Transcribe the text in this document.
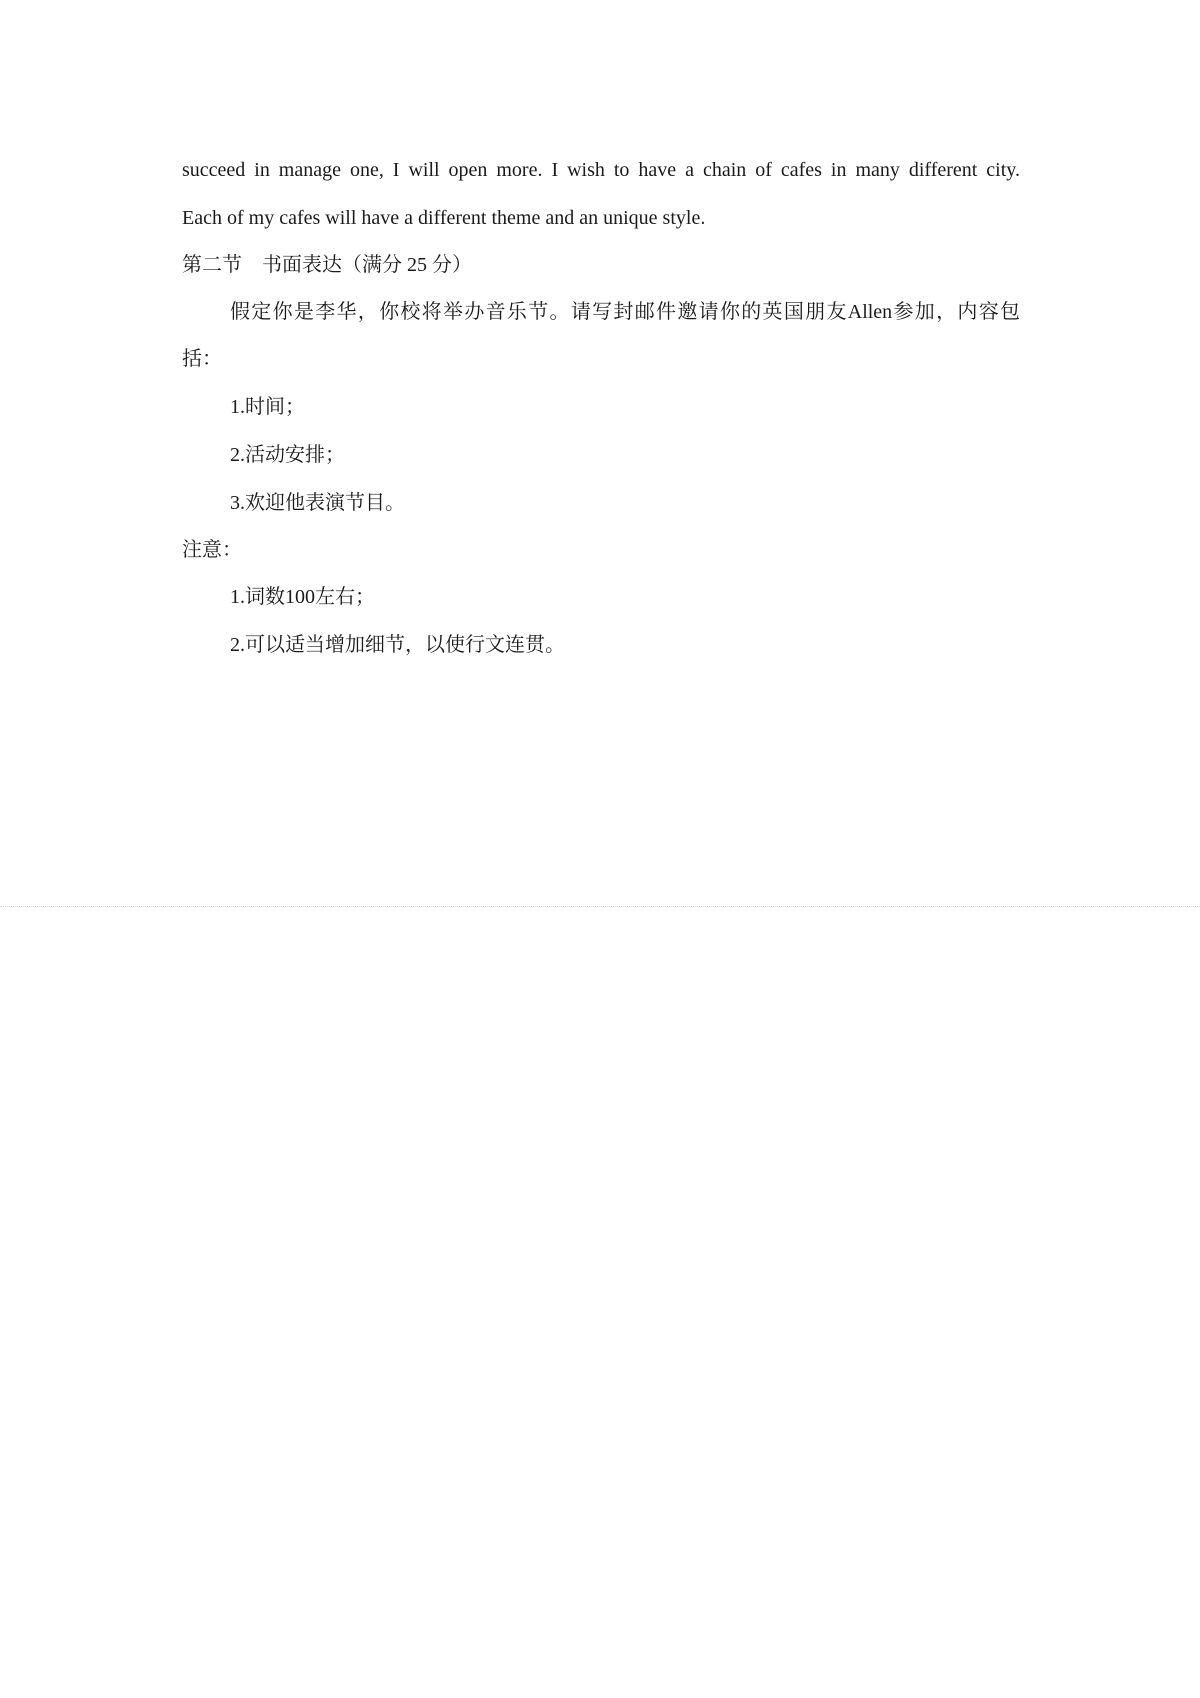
succeed in manage one, I will open more. I wish to have a chain of cafes in many different city.

Each of my cafes will have a different theme and an unique style.

第二节　书面表达（满分 25 分）

假定你是李华，你校将举办音乐节。请写封邮件邀请你的英国朋友Allen参加，内容包

括：

1.时间；

2.活动安排；

3.欢迎他表演节目。

注意：

1.词数100左右；

2.可以适当增加细节，以使行文连贯。
